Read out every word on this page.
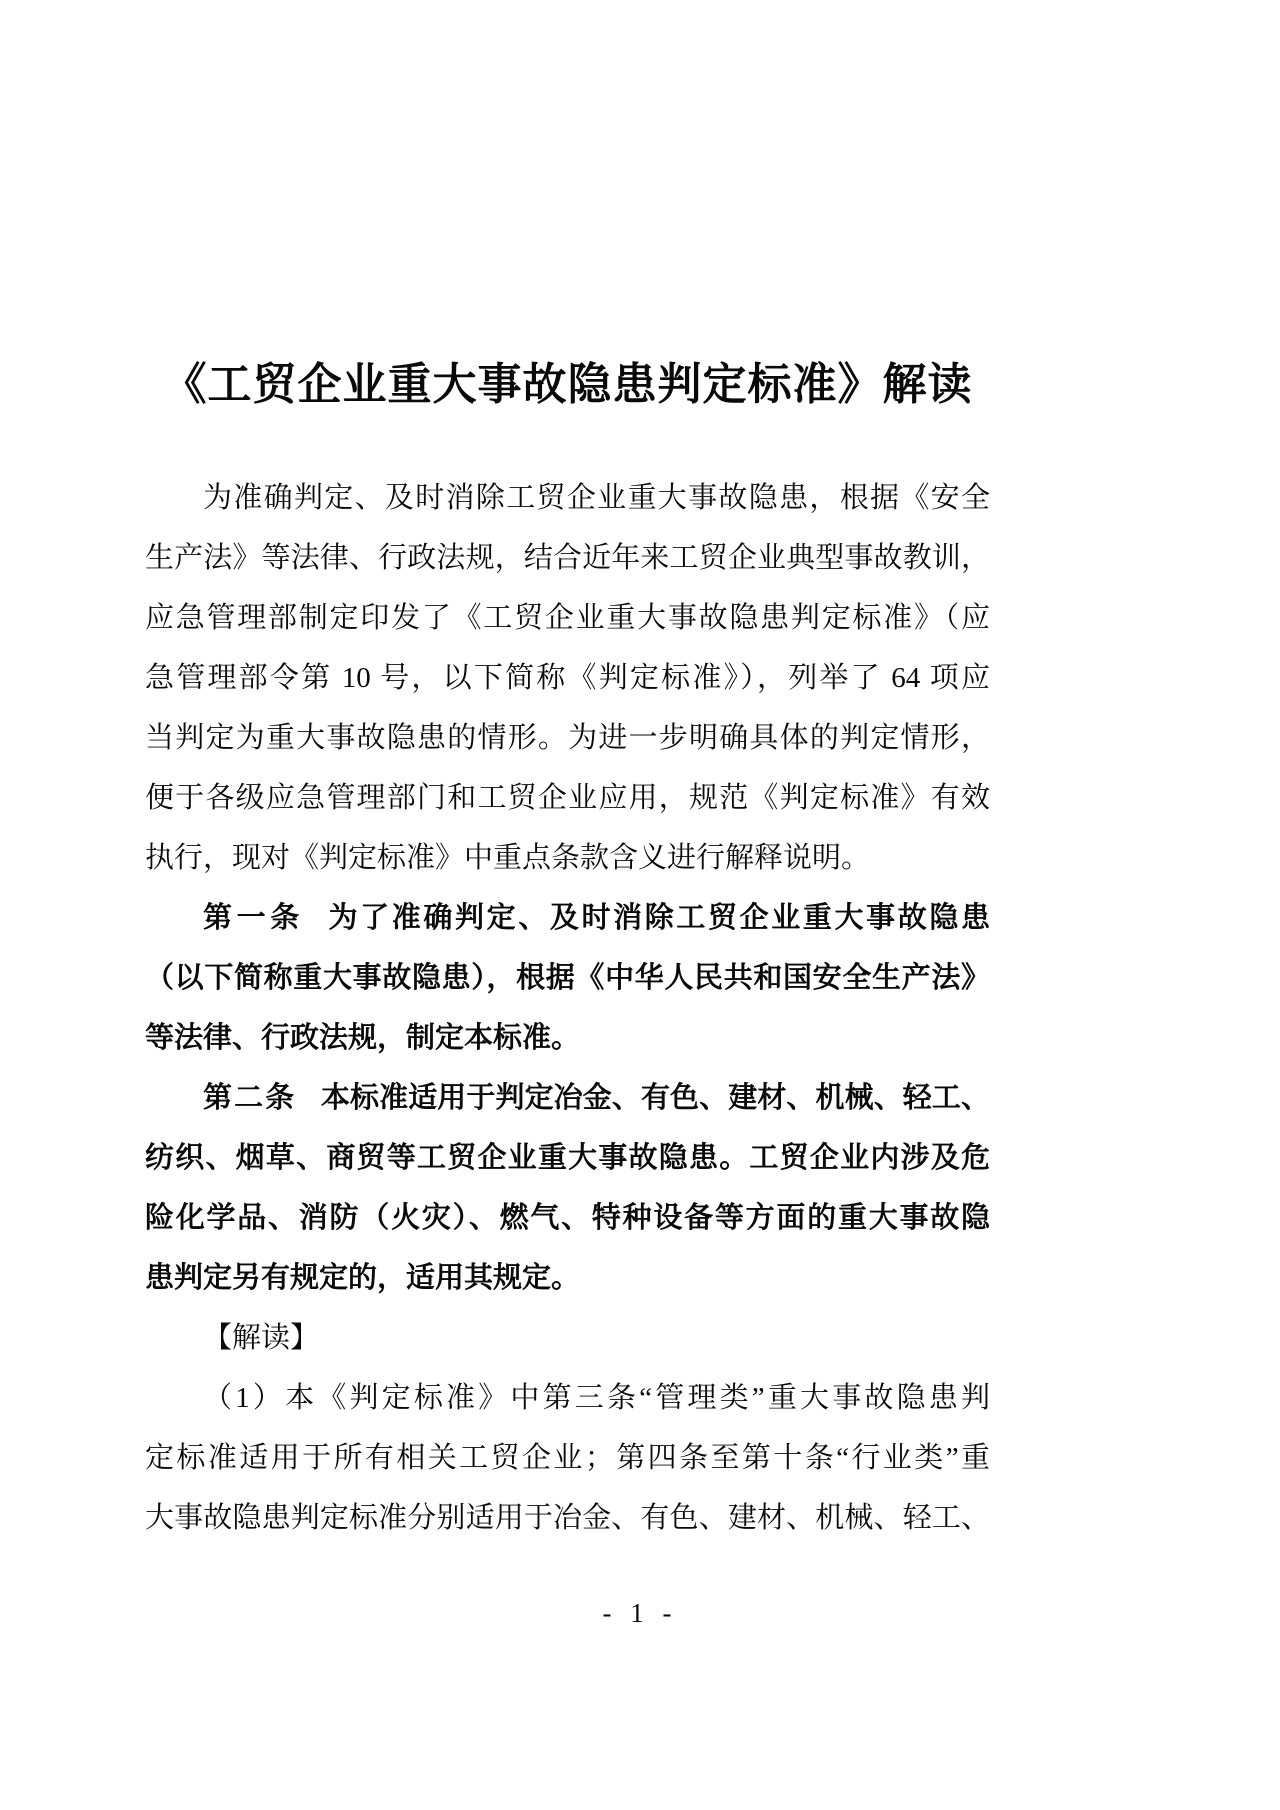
《工贸企业重大事故隐患判定标准》解读
为准确判定、及时消除工贸企业重大事故隐患，根据《安全
生产法》等法律、行政法规，结合近年来工贸企业典型事故教训，
应急管理部制定印发了《工贸企业重大事故隐患判定标准》（应
急管理部令第 10 号，以下简称《判定标准》），列举了 64 项应
当判定为重大事故隐患的情形。为进一步明确具体的判定情形，
便于各级应急管理部门和工贸企业应用，规范《判定标准》有效
执行，现对《判定标准》中重点条款含义进行解释说明。
第一条 为了准确判定、及时消除工贸企业重大事故隐患
（以下简称重大事故隐患），根据《中华人民共和国安全生产法》
等法律、行政法规，制定本标准。
第二条 本标准适用于判定冶金、有色、建材、机械、轻工、
纺织、烟草、商贸等工贸企业重大事故隐患。工贸企业内涉及危
险化学品、消防（火灾）、燃气、特种设备等方面的重大事故隐
患判定另有规定的，适用其规定。
【解读】
（1）本《判定标准》中第三条“管理类”重大事故隐患判
定标准适用于所有相关工贸企业；第四条至第十条“行业类”重
大事故隐患判定标准分别适用于冶金、有色、建材、机械、轻工、
- 1 -
